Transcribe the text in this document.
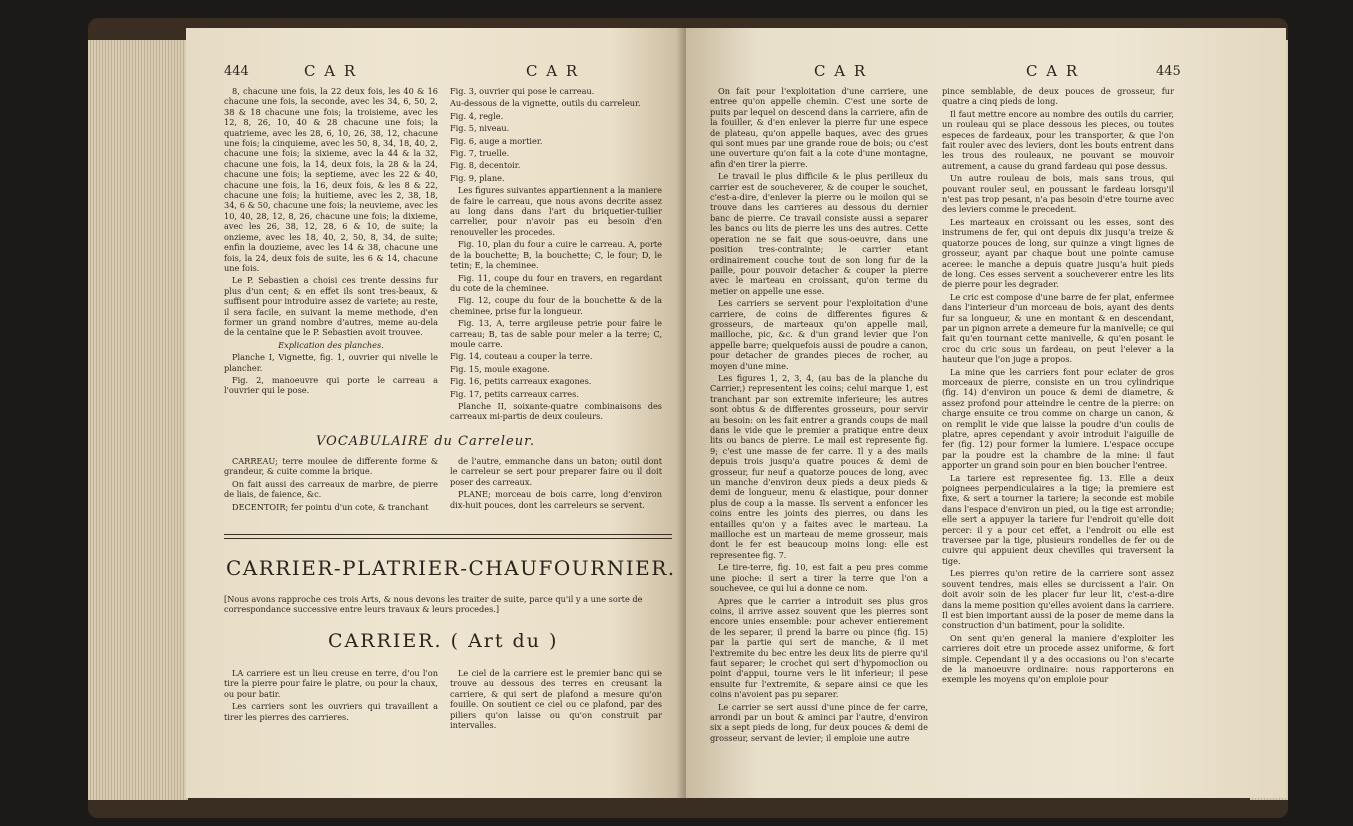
444	C A R	C A R

8, chacune une fois, la 22 deux fois, les 40 & 16 chacune une fois, la seconde, avec les 34, 6, 50, 2, 38 & 18 chacune une fois; la troisieme, avec les 12, 8, 26, 10, 40 & 28 chacune une fois; la quatrieme, avec les 28, 6, 10, 26, 38, 12, chacune une fois; la cinquieme, avec les 50, 8, 34, 18, 40, 2, chacune une fois; la sixieme, avec la 44 & la 32, chacune une fois, la 14, deux fois, la 28 & la 24, chacune une fois; la septieme, avec les 22 & 40, chacune une fois, la 16, deux fois, & les 8 & 22, chacune une fois; la huitieme, avec les 2, 38, 18, 34, 6 & 50, chacune une fois; la neuvieme, avec les 10, 40, 28, 12, 8, 26, chacune une fois; la dixieme, avec les 26, 38, 12, 28, 6 & 10, de suite; la onzieme, avec les 18, 40, 2, 50, 8, 34, de suite; enfin la douzieme, avec les 14 & 38, chacune une fois, la 24, deux fois de suite, les 6 & 14, chacune une fois.

Le P. Sebastien a choisi ces trente dessins fur plus d'un cent; & en effet ils sont tres-beaux, & suffisent pour introduire assez de variete; au reste, il sera facile, en suivant la meme methode, d'en former un grand nombre d'autres, meme au-dela de la centaine que le P. Sebastien avoit trouvee.

Explication des planches.

Planche I, Vignette, fig. 1, ouvrier qui nivelle le plancher.

Fig. 2, manoeuvre qui porte le carreau a l'ouvrier qui le pose.

Fig. 3, ouvrier qui pose le carreau.

Au-dessous de la vignette, outils du carreleur.

Fig. 4, regle.

Fig. 5, niveau.

Fig. 6, auge a mortier.

Fig. 7, truelle.

Fig. 8, decentoir.

Fig. 9, plane.

Les figures suivantes appartiennent a la maniere de faire le carreau, que nous avons decrite assez au long dans dans l'art du briquetier-tuilier carrelier, pour n'avoir pas eu besoin d'en renouveller les procedes.

Fig. 10, plan du four a cuire le carreau. A, porte de la bouchette; B, la bouchette; C, le four; D, le tetin; E, la cheminee.

Fig. 11, coupe du four en travers, en regardant du cote de la cheminee.

Fig. 12, coupe du four de la bouchette & de la cheminee, prise fur la longueur.

Fig. 13, A, terre argileuse petrie pour faire le carreau; B, tas de sable pour meler a la terre; C, moule carre.

Fig. 14, couteau a couper la terre.

Fig. 15, moule exagone.

Fig. 16, petits carreaux exagones.

Fig. 17, petits carreaux carres.

Planche II, soixante-quatre combinaisons des carreaux mi-partis de deux couleurs.

VOCABULAIRE du Carreleur.

CARREAU; terre moulee de differente forme & grandeur, & cuite comme la brique.

On fait aussi des carreaux de marbre, de pierre de liais, de faience, &c.

DECENTOIR; fer pointu d'un cote, & tranchant

de l'autre, emmanche dans un baton; outil dont le carreleur se sert pour preparer faire ou il doit poser des carreaux.

PLANE; morceau de bois carre, long d'environ dix-huit pouces, dont les carreleurs se servent.

CARRIER-PLATRIER-CHAUFOURNIER.
[Nous avons rapproche ces trois Arts, & nous devons les traiter de suite, parce qu'il y a une sorte de correspondance successive entre leurs travaux & leurs procedes.]
CARRIER. ( Art du )

LA carriere est un lieu creuse en terre, d'ou l'on tire la pierre pour faire le platre, ou pour la chaux, ou pour batir.

Les carriers sont les ouvriers qui travaillent a tirer les pierres des carrieres.

Le ciel de la carriere est le premier banc qui se trouve au dessous des terres en creusant la carriere, & qui sert de plafond a mesure qu'on fouille. On soutient ce ciel ou ce plafond, par des piliers qu'on laisse ou qu'on construit par intervalles.

C A R	C A R	445

On fait pour l'exploitation d'une carriere, une entree qu'on appelle chemin. C'est une sorte de puits par lequel on descend dans la carriere, afin de la fouiller, & d'en enlever la pierre fur une espece de plateau, qu'on appelle baques, avec des grues qui sont mues par une grande roue de bois; ou c'est une ouverture qu'on fait a la cote d'une montagne, afin d'en tirer la pierre.

Le travail le plus difficile & le plus perilleux du carrier est de soucheverer, & de couper le souchet, c'est-a-dire, d'enlever la pierre ou le moilon qui se trouve dans les carrieres au dessous du dernier banc de pierre. Ce travail consiste aussi a separer les bancs ou lits de pierre les uns des autres. Cette operation ne se fait que sous-oeuvre, dans une position tres-contrainte; le carrier etant ordinairement couche tout de son long fur de la paille, pour pouvoir detacher & couper la pierre avec le marteau en croissant, qu'on terme du metier on appelle une esse.

Les carriers se servent pour l'exploitation d'une carriere, de coins de differentes figures & grosseurs, de marteaux qu'on appelle mail, mailloche, pic, &c. & d'un grand levier que l'on appelle barre; quelquefois aussi de poudre a canon, pour detacher de grandes pieces de rocher, au moyen d'une mine.

Les figures 1, 2, 3, 4, (au bas de la planche du Carrier,) representent les coins; celui marque 1, est tranchant par son extremite inferieure; les autres sont obtus & de differentes grosseurs, pour servir au besoin: on les fait entrer a grands coups de mail dans le vide que le premier a pratique entre deux lits ou bancs de pierre. Le mail est represente fig. 9; c'est une masse de fer carre. Il y a des mails depuis trois jusqu'a quatre pouces & demi de grosseur, fur neuf a quatorze pouces de long, avec un manche d'environ deux pieds a deux pieds & demi de longueur, menu & elastique, pour donner plus de coup a la masse. Ils servent a enfoncer les coins entre les joints des pierres, ou dans les entailles qu'on y a faites avec le marteau. La mailloche est un marteau de meme grosseur, mais dont le fer est beaucoup moins long: elle est representee fig. 7.

Le tire-terre, fig. 10, est fait a peu pres comme une pioche: il sert a tirer la terre que l'on a souchevee, ce qui lui a donne ce nom.

Apres que le carrier a introduit ses plus gros coins, il arrive assez souvent que les pierres sont encore unies ensemble: pour achever entierement de les separer, il prend la barre ou pince (fig. 15) par la partie qui sert de manche, & il met l'extremite du bec entre les deux lits de pierre qu'il faut separer; le crochet qui sert d'hypomoclion ou point d'appui, tourne vers le lit inferieur; il pese ensuite fur l'extremite, & separe ainsi ce que les coins n'avoient pas pu separer.

Le carrier se sert aussi d'une pince de fer carre, arrondi par un bout & aminci par l'autre, d'environ six a sept pieds de long, fur deux pouces & demi de grosseur, servant de levier; il emploie une autre

pince semblable, de deux pouces de grosseur, fur quatre a cinq pieds de long.

Il faut mettre encore au nombre des outils du carrier, un rouleau qui se place dessous les pieces, ou toutes especes de fardeaux, pour les transporter, & que l'on fait rouler avec des leviers, dont les bouts entrent dans les trous des rouleaux, ne pouvant se mouvoir autrement, a cause du grand fardeau qui pose dessus.

Un autre rouleau de bois, mais sans trous, qui pouvant rouler seul, en poussant le fardeau lorsqu'il n'est pas trop pesant, n'a pas besoin d'etre tourne avec des leviers comme le precedent.

Les marteaux en croissant ou les esses, sont des instrumens de fer, qui ont depuis dix jusqu'a treize & quatorze pouces de long, sur quinze a vingt lignes de grosseur, ayant par chaque bout une pointe camuse aceree: le manche a depuis quatre jusqu'a huit pieds de long. Ces esses servent a soucheverer entre les lits de pierre pour les degrader.

Le cric est compose d'une barre de fer plat, enfermee dans l'interieur d'un morceau de bois, ayant des dents fur sa longueur, & une en montant & en descendant, par un pignon arrete a demeure fur la manivelle; ce qui fait qu'en tournant cette manivelle, & qu'en posant le croc du cric sous un fardeau, on peut l'elever a la hauteur que l'on juge a propos.

La mine que les carriers font pour eclater de gros morceaux de pierre, consiste en un trou cylindrique (fig. 14) d'environ un pouce & demi de diametre, & assez profond pour atteindre le centre de la pierre: on charge ensuite ce trou comme on charge un canon, & on remplit le vide que laisse la poudre d'un coulis de platre, apres cependant y avoir introduit l'aiguille de fer (fig. 12) pour former la lumiere. L'espace occupe par la poudre est la chambre de la mine: il faut apporter un grand soin pour en bien boucher l'entree.

La tariere est representee fig. 13. Elle a deux poignees perpendiculaires a la tige; la premiere est fixe, & sert a tourner la tariere; la seconde est mobile dans l'espace d'environ un pied, ou la tige est arrondie; elle sert a appuyer la tariere fur l'endroit qu'elle doit percer: il y a pour cet effet, a l'endroit ou elle est traversee par la tige, plusieurs rondelles de fer ou de cuivre qui appuient deux chevilles qui traversent la tige.

Les pierres qu'on retire de la carriere sont assez souvent tendres, mais elles se durcissent a l'air. On doit avoir soin de les placer fur leur lit, c'est-a-dire dans la meme position qu'elles avoient dans la carriere. Il est bien important aussi de la poser de meme dans la construction d'un batiment, pour la solidite.

On sent qu'en general la maniere d'exploiter les carrieres doit etre un procede assez uniforme, & fort simple. Cependant il y a des occasions ou l'on s'ecarte de la manoeuvre ordinaire: nous rapporterons en exemple les moyens qu'on emploie pour
